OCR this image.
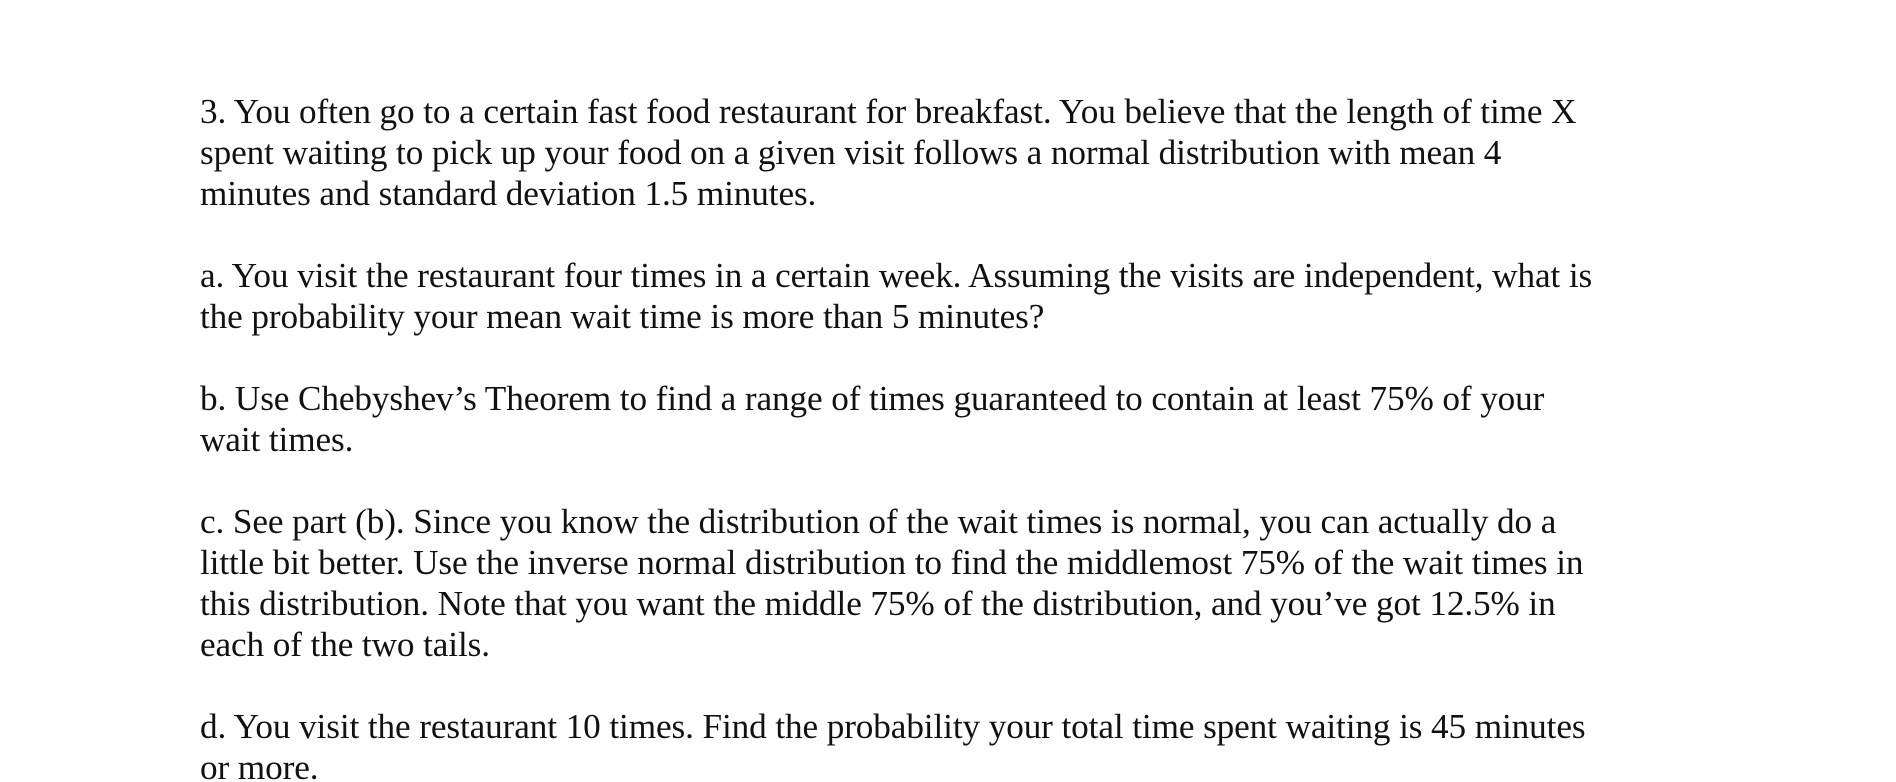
3. You often go to a certain fast food restaurant for breakfast. You believe that the length of time X
spent waiting to pick up your food on a given visit follows a normal distribution with mean 4
minutes and standard deviation 1.5 minutes.

a. You visit the restaurant four times in a certain week. Assuming the visits are independent, what is
the probability your mean wait time is more than 5 minutes?

b. Use Chebyshev’s Theorem to find a range of times guaranteed to contain at least 75% of your
wait times.

c. See part (b). Since you know the distribution of the wait times is normal, you can actually do a
little bit better. Use the inverse normal distribution to find the middlemost 75% of the wait times in
this distribution. Note that you want the middle 75% of the distribution, and you’ve got 12.5% in
each of the two tails.

d. You visit the restaurant 10 times. Find the probability your total time spent waiting is 45 minutes
or more.
